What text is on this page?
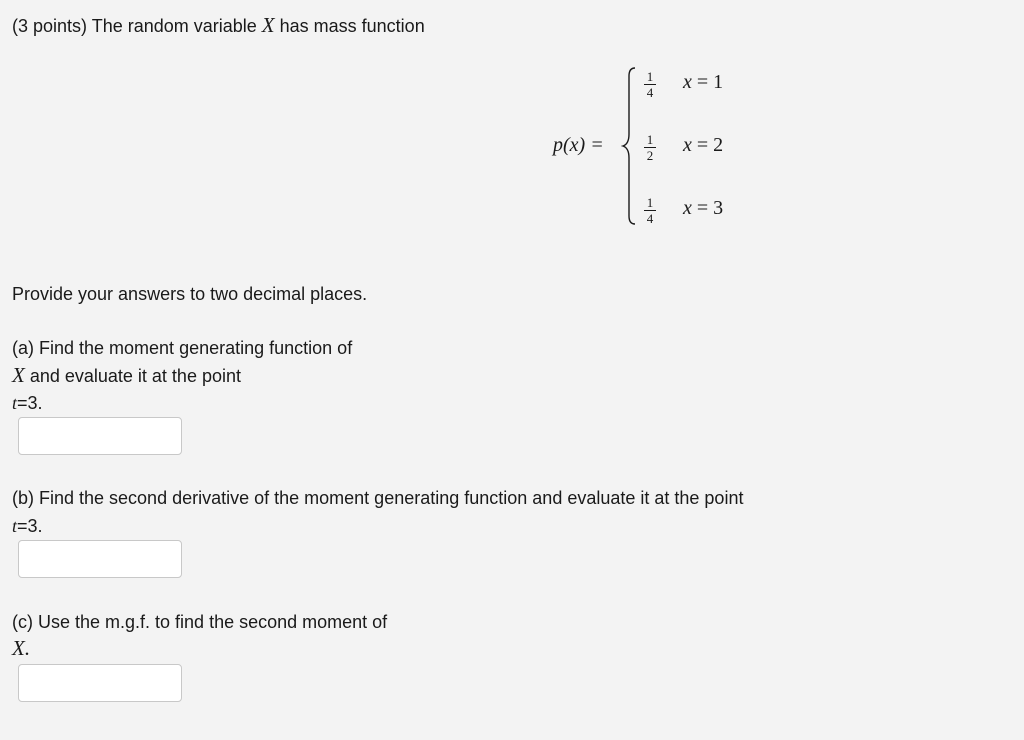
(3 points) The random variable X has mass function
p(x) =
1
4 x = 1
1
2 x = 2
1
4 x = 3
Provide your answers to two decimal places.
(a) Find the moment generating function of
X and evaluate it at the point
t=3.
(b) Find the second derivative of the moment generating function and evaluate it at the point
t=3.
(c) Use the m.g.f. to find the second moment of
X.
